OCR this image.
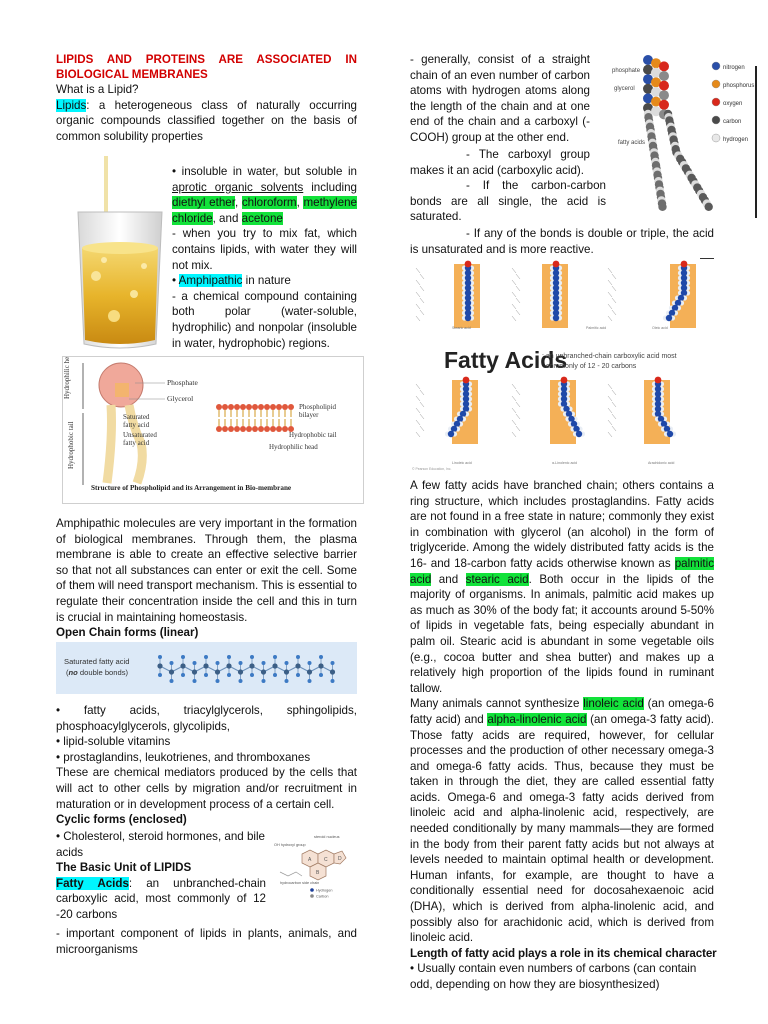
LIPIDS AND PROTEINS ARE ASSOCIATED IN BIOLOGICAL MEMBRANES

What is a Lipid?

Lipids: a heterogeneous class of naturally occurring organic compounds classified together on the basis of common solubility properties

• insoluble in water, but soluble in aprotic organic solvents including diethyl ether, chloroform, methylene chloride, and acetone

- when you try to mix fat, which contains lipids, with water they will not mix.

• Amphipathic in nature

- a chemical compound containing both polar (water-soluble, hydrophilic) and nonpolar (insoluble in water, hydrophobic) regions.

Hydrophilic head
Hydrophobic tail
Phosphate
Glycerol
Saturated
fatty acid
Unsaturated
fatty acid
Phospholipid
bilayer
Hydrophobic tail
Hydrophilic head
Structure of Phospholipid and its Arrangement in Bio-membrane

Amphipathic molecules are very important in the formation of biological membranes. Through them, the plasma membrane is able to create an effective selective barrier so that not all substances can enter or exit the cell. Some of them will need transport mechanism. This is essential to regulate their concentration inside the cell and this in turn is crucial in maintaining homeostasis.

Open Chain forms (linear)

Saturated fatty acid
(no double bonds)

•      fatty      acids,      triacylglycerols,      sphingolipids, phosphoacylglycerols, glycolipids,

• lipid-soluble vitamins

• prostaglandins, leukotrienes, and thromboxanes

These are chemical mediators produced by the cells that will act to other cells by migration and/or recruitment in maturation or in development process of a certain cell.

Cyclic forms (enclosed)

• Cholesterol, steroid hormones, and bile acids

The Basic Unit of LIPIDS

Fatty Acids: an unbranched-chain carboxylic acid, most commonly of 12 -20 carbons

- important component of lipids in plants, animals, and microorganisms

steroid nucleus
OH hydroxyl group
A	C
B
D
hydrocarbon side chain
Hydrogen
Carbon

- generally, consist of a straight chain of an even number of carbon atoms with hydrogen atoms along the length of the chain and at one end of the chain and a carboxyl (-COOH) group at the other end.

phosphate
glycerol
fatty acids
nitrogen
phosphorus
oxygen
carbon
hydrogen

- The carboxyl group makes it an acid (carboxylic acid).

- If the carbon-carbon bonds are all single, the acid is saturated.

- If any of the bonds is double or triple, the acid is unsaturated and is more reactive.

Fatty Acids
: an unbranched-chain carboxylic acid most
commonly of 12 - 20 carbons
Palmitic acid
Stearic acid	Oleic acid
Linoleic acid	α-Linolenic acid	Arachidonic acid
© Pearson Education, Inc.

A few fatty acids have branched chain; others contains a ring structure, which includes prostaglandins. Fatty acids are not found in a free state in nature; commonly they exist in combination with glycerol (an alcohol) in the form of triglyceride. Among the widely distributed fatty acids is the 16- and 18-carbon fatty acids otherwise known as palmitic acid and stearic acid. Both occur in the lipids of the majority of organisms. In animals, palmitic acid makes up as much as 30% of the body fat; it accounts around 5-50% of lipids in vegetable fats, being especially abundant in palm oil. Stearic acid is abundant in some vegetable oils (e.g., cocoa butter and shea butter) and makes up a relatively high proportion of the lipids found in ruminant tallow.

Many animals cannot synthesize linoleic acid (an omega-6 fatty acid) and alpha-linolenic acid (an omega-3 fatty acid). Those fatty acids are required, however, for cellular processes and the production of other necessary omega-3 and omega-6 fatty acids. Thus, because they must be taken in through the diet, they are called essential fatty acids. Omega-6 and omega-3 fatty acids derived from linoleic acid and alpha-linolenic acid, respectively, are needed conditionally by many mammals—they are formed in the body from their parent fatty acids but not always at levels needed to maintain optimal health or development. Human infants, for example, are thought to have a conditionally essential need for docosahexaenoic acid (DHA), which is derived from alpha-linolenic acid, and possibly also for arachidonic acid, which is derived from linoleic acid.

Length of fatty acid plays a role in its chemical character

• Usually contain even numbers of carbons (can contain odd, depending on how they are biosynthesized)
